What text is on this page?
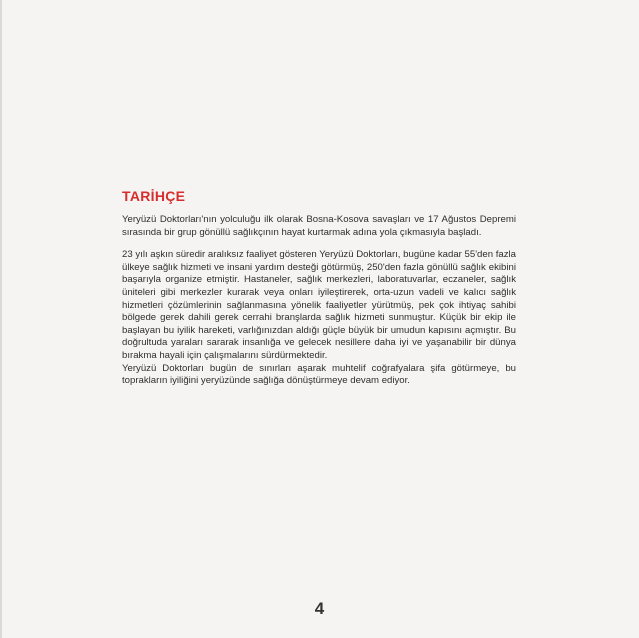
TARİHÇE

Yeryüzü Doktorları'nın yolculuğu ilk olarak Bosna-Kosova savaşları ve 17 Ağustos Depremi sırasında bir grup gönüllü sağlıkçının hayat kurtarmak adına yola çıkmasıyla başladı.

23 yılı aşkın süredir aralıksız faaliyet gösteren Yeryüzü Doktorları, bugüne kadar 55'den fazla ülkeye sağlık hizmeti ve insani yardım desteği götürmüş, 250'den fazla gönüllü sağlık ekibini başarıyla organize etmiştir. Hastaneler, sağlık merkezleri, laboratuvarlar, eczaneler, sağlık üniteleri gibi merkezler kurarak veya onları iyileştirerek, orta-uzun vadeli ve kalıcı sağlık hizmetleri çözümlerinin sağlanmasına yönelik faaliyetler yürütmüş, pek çok ihtiyaç sahibi bölgede gerek dahili gerek cerrahi branşlarda sağlık hizmeti sunmuştur. Küçük bir ekip ile başlayan bu iyilik hareketi, varlığınızdan aldığı güçle büyük bir umudun kapısını açmıştır. Bu doğrultuda yaraları sararak insanlığa ve gelecek nesillere daha iyi ve yaşanabilir bir dünya bırakma hayali için çalışmalarını sürdürmektedir.

Yeryüzü Doktorları bugün de sınırları aşarak muhtelif coğrafyalara şifa götürmeye, bu toprakların iyiliğini yeryüzünde sağlığa dönüştürmeye devam ediyor.

4
